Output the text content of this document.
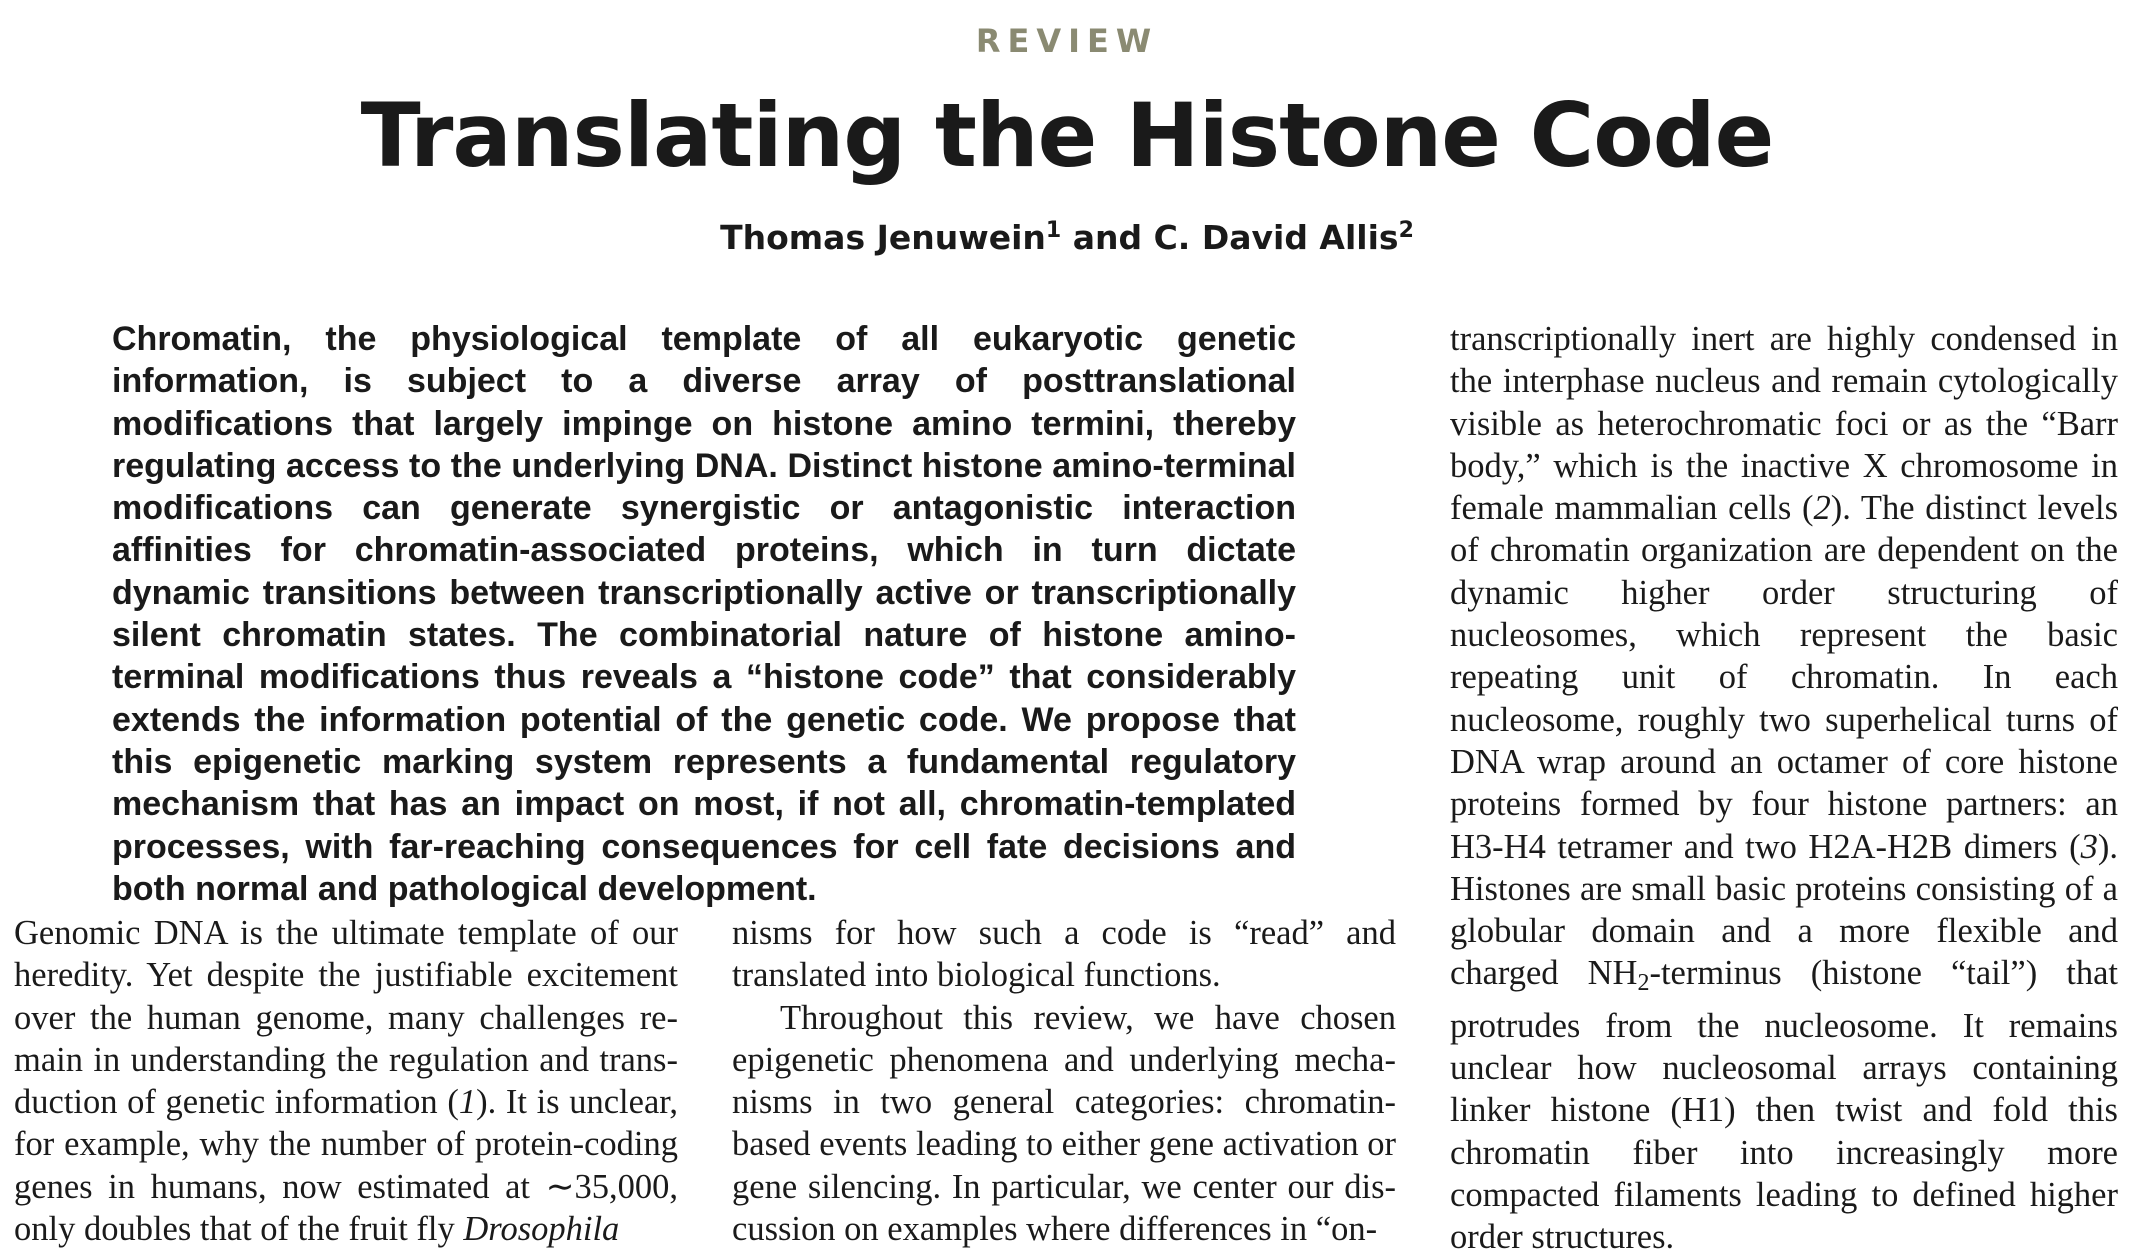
REVIEW
Translating the Histone Code
Thomas Jenuwein$^1$ and C. David Allis$^2$

Chromatin, the physiological template of all eukaryotic genetic information, is subject to a diverse array of posttranslational modifications that largely impinge on histone amino termini, thereby regulating access to the underlying DNA. Distinct histone amino-terminal modifications can generate synergistic or antagonistic interaction affinities for chromatin-associated proteins, which in turn dictate dynamic transitions between transcriptionally active or transcriptionally silent chromatin states. The combinatorial nature of histone amino-terminal modifications thus reveals a “histone code” that considerably extends the information potential of the genetic code. We propose that this epigenetic marking system represents a fundamental regulatory mechanism that has an impact on most, if not all, chromatin-templated processes, with far-reaching consequences for cell fate decisions and both normal and pathological development.

Genomic DNA is the ultimate template of our heredity. Yet despite the justifiable excitement over the human genome, many challenges remain in understanding the regulation and transduction of genetic information (1). It is unclear, for example, why the number of protein-coding genes in humans, now estimated at ∼35,000, only doubles that of the fruit fly Drosophila

nisms for how such a code is “read” and translated into biological functions.

Throughout this review, we have chosen epigenetic phenomena and underlying mechanisms in two general categories: chromatin-based events leading to either gene activation or gene silencing. In particular, we center our discussion on examples where differences in “on-

transcriptionally inert are highly condensed in the interphase nucleus and remain cytologically visible as heterochromatic foci or as the “Barr body,” which is the inactive X chromosome in female mammalian cells (2). The distinct levels of chromatin organization are dependent on the dynamic higher order structuring of nucleosomes, which represent the basic repeating unit of chromatin. In each nucleosome, roughly two superhelical turns of DNA wrap around an octamer of core histone proteins formed by four histone partners: an H3-H4 tetramer and two H2A-H2B dimers (3). Histones are small basic proteins consisting of a globular domain and a more flexible and charged $NH_2$-terminus (histone “tail”) that protrudes from the nucleosome. It remains unclear how nucleosomal arrays containing linker histone (H1) then twist and fold this chromatin fiber into increasingly more compacted filaments leading to defined higher order structures.
